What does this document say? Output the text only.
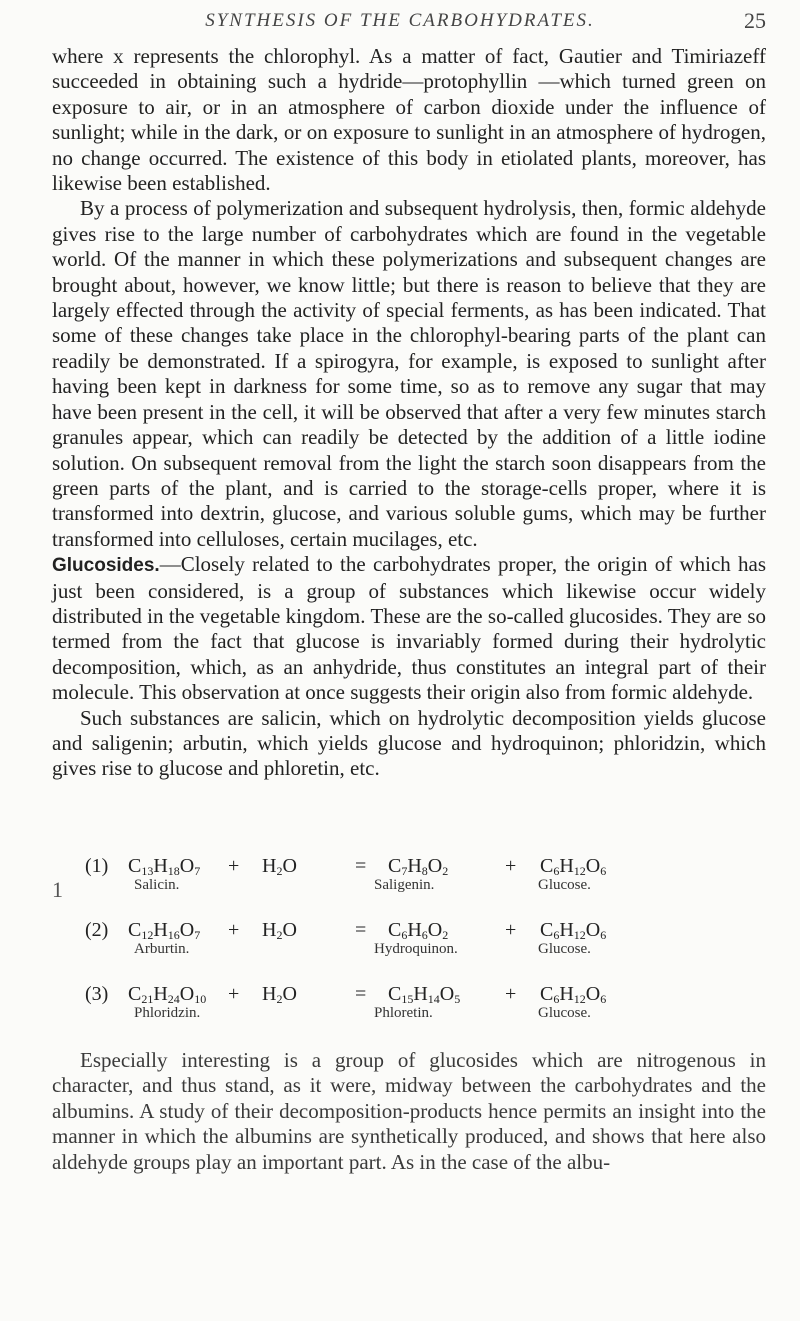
SYNTHESIS OF THE CARBOHYDRATES.	25

where x represents the chlorophyl. As a matter of fact, Gautier and Timiriazeff succeeded in obtaining such a hydride—protophyllin —which turned green on exposure to air, or in an atmosphere of carbon dioxide under the influence of sunlight; while in the dark, or on exposure to sunlight in an atmosphere of hydrogen, no change occurred. The existence of this body in etiolated plants, moreover, has likewise been established.

By a process of polymerization and subsequent hydrolysis, then, formic aldehyde gives rise to the large number of carbohydrates which are found in the vegetable world. Of the manner in which these polymerizations and subsequent changes are brought about, however, we know little; but there is reason to believe that they are largely effected through the activity of special ferments, as has been indicated. That some of these changes take place in the chlorophyl-bearing parts of the plant can readily be demonstrated. If a spirogyra, for example, is exposed to sunlight after having been kept in darkness for some time, so as to remove any sugar that may have been present in the cell, it will be observed that after a very few minutes starch granules appear, which can readily be detected by the addition of a little iodine solution. On subsequent removal from the light the starch soon disappears from the green parts of the plant, and is carried to the storage-cells proper, where it is transformed into dextrin, glucose, and various soluble gums, which may be further transformed into celluloses, certain mucilages, etc.

Glucosides.—Closely related to the carbohydrates proper, the origin of which has just been considered, is a group of substances which likewise occur widely distributed in the vegetable kingdom. These are the so-called glucosides. They are so termed from the fact that glucose is invariably formed during their hydrolytic decomposition, which, as an anhydride, thus constitutes an integral part of their molecule. This observation at once suggests their origin also from formic aldehyde.

Such substances are salicin, which on hydrolytic decomposition yields glucose and saligenin; arbutin, which yields glucose and hydroquinon; phloridzin, which gives rise to glucose and phloretin, etc.

1
(1) $C_{13}H_{18}O_7 + H_2O$	= $C_7H_8O_2$	+ $C_6H_{12}O_6$
Salicin.	Saligenin.	Glucose.
(2) $C_{12}H_{16}O_7 + H_2O$	= $C_6H_6O_2$	+ $C_6H_{12}O_6$
Arburtin.	Hydroquinon.	Glucose.
(3) $C_{21}H_{24}O_{10} + H_2O$	= $C_{15}H_{14}O_5 + C_6H_{12}O_6$
Phloridzin.	Phloretin.	Glucose.

Especially interesting is a group of glucosides which are nitrogenous in character, and thus stand, as it were, midway between the carbohydrates and the albumins. A study of their decomposition-products hence permits an insight into the manner in which the albumins are synthetically produced, and shows that here also aldehyde groups play an important part. As in the case of the albu-
